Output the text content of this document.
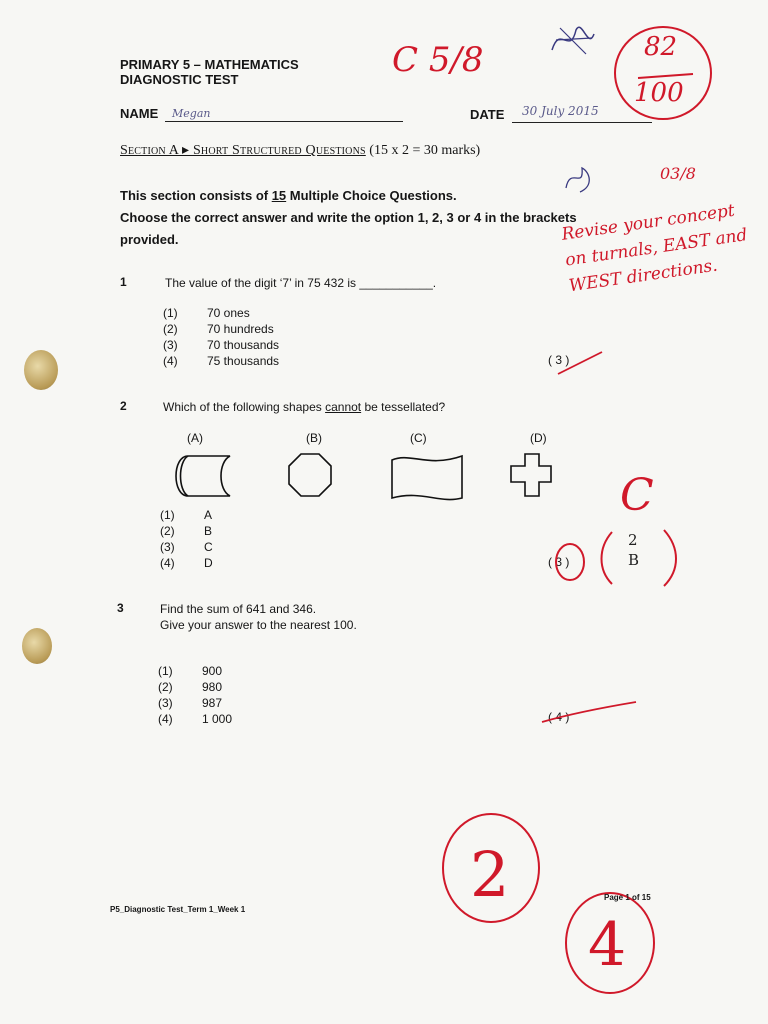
PRIMARY 5 – MATHEMATICS
DIAGNOSTIC TEST
NAME Megan	DATE 30 July 2015
Section A ▸ Short Structured Questions (15 x 2 = 30 marks)
This section consists of 15 Multiple Choice Questions.
Choose the correct answer and write the option 1, 2, 3 or 4 in the brackets
provided.
1	The value of the digit ‘7’ in 75 432 is ___________.
(1)	70 ones
(2)	70 hundreds
(3)	70 thousands
(4)	75 thousands	( 3 )
2	Which of the following shapes cannot be tessellated?
(A)	(B)	(C)	(D)
(1)	A
(2)	B
(3)	C
(4)	D	( 3 )
3	Find the sum of 641 and 346.
Give your answer to the nearest 100.
(1)	900
(2)	980
(3)	987
(4)	1 000	( 4 )
C 5/8	82
100
03/8
Revise your concept on turnals, EAST and WEST directions.
C
2 B
2
4
P5_Diagnostic Test_Term 1_Week 1
Page 1 of 15
